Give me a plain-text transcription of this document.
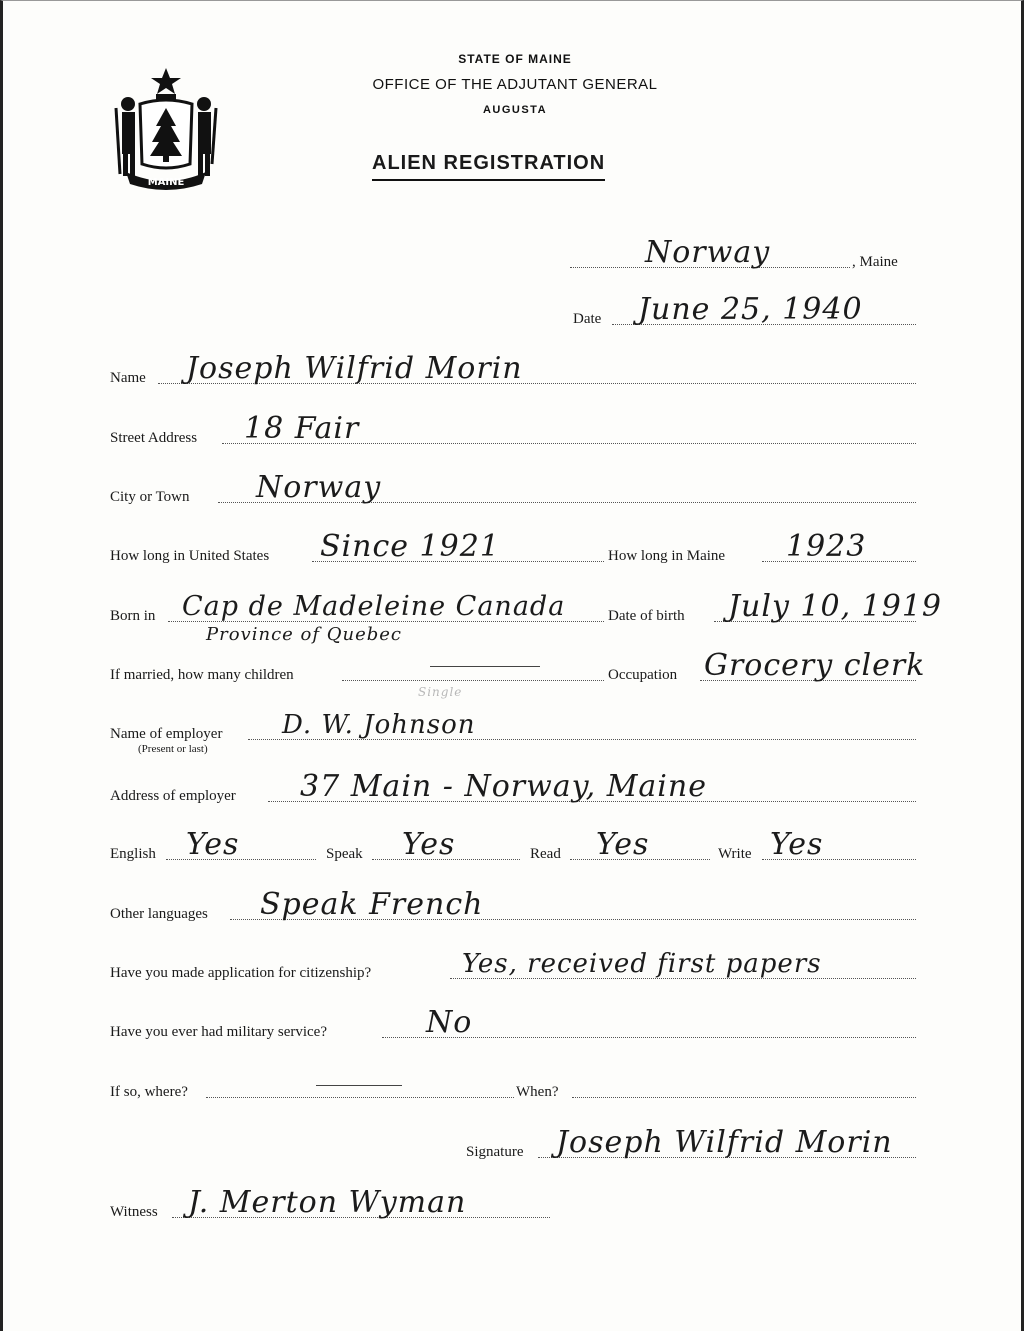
MAINE
STATE OF MAINE
OFFICE OF THE ADJUTANT GENERAL
AUGUSTA
ALIEN REGISTRATION
Norway	, Maine
Date June 25, 1940
Name Joseph Wilfrid Morin
Street Address 18 Fair
City or Town Norway
How long in United States Since 1921	How long in Maine 1923
Born in Cap de Madeleine Canada	Date of birth July 10, 1919
Province of Quebec
If married, how many children	Occupation Grocery clerk
Single
Name of employer D. W. Johnson
(Present or last)
Address of employer 37 Main - Norway, Maine
English Yes	Speak Yes	Read Yes	Write Yes
Other languages Speak French
Have you made application for citizenship?	Yes, received first papers
Have you ever had military service?	No
If so, where?	When?
Signature Joseph Wilfrid Morin
Witness J. Merton Wyman
